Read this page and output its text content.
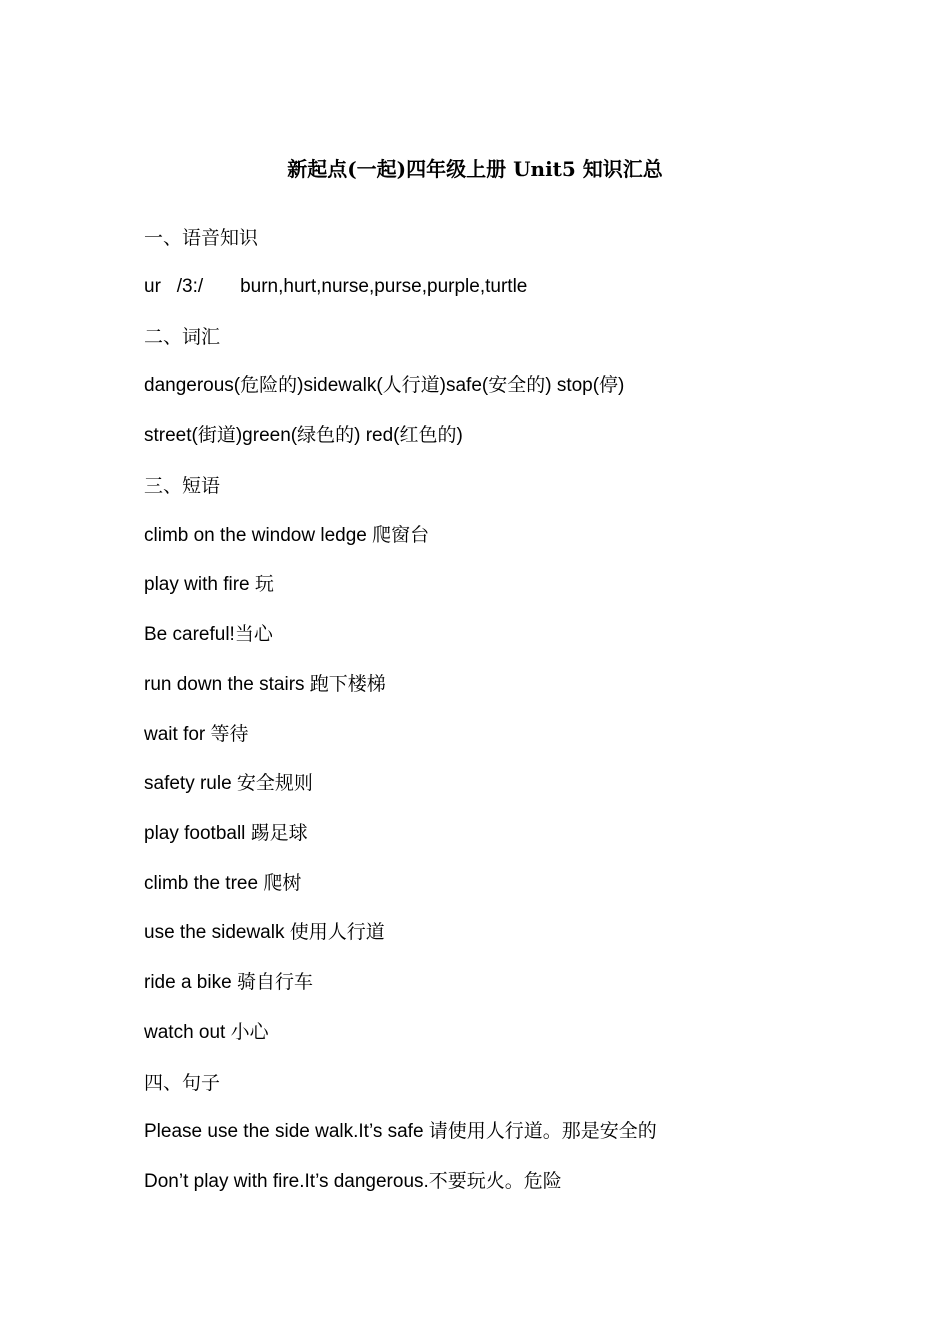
新起点(一起)四年级上册 Unit5 知识汇总

一、语音知识

ur   /3:/       burn,hurt,nurse,purse,purple,turtle

二、词汇

dangerous(危险的)sidewalk(人行道)safe(安全的) stop(停)

street(街道)green(绿色的) red(红色的)

三、短语

climb on the window ledge 爬窗台

play with fire 玩

Be careful!当心

run down the stairs 跑下楼梯

wait for 等待

safety rule 安全规则

play football 踢足球

climb the tree 爬树

use the sidewalk 使用人行道

ride a bike 骑自行车

watch out 小心

四、句子

Please use the side walk.It’s safe 请使用人行道。那是安全的

Don’t play with fire.It’s dangerous.不要玩火。危险
